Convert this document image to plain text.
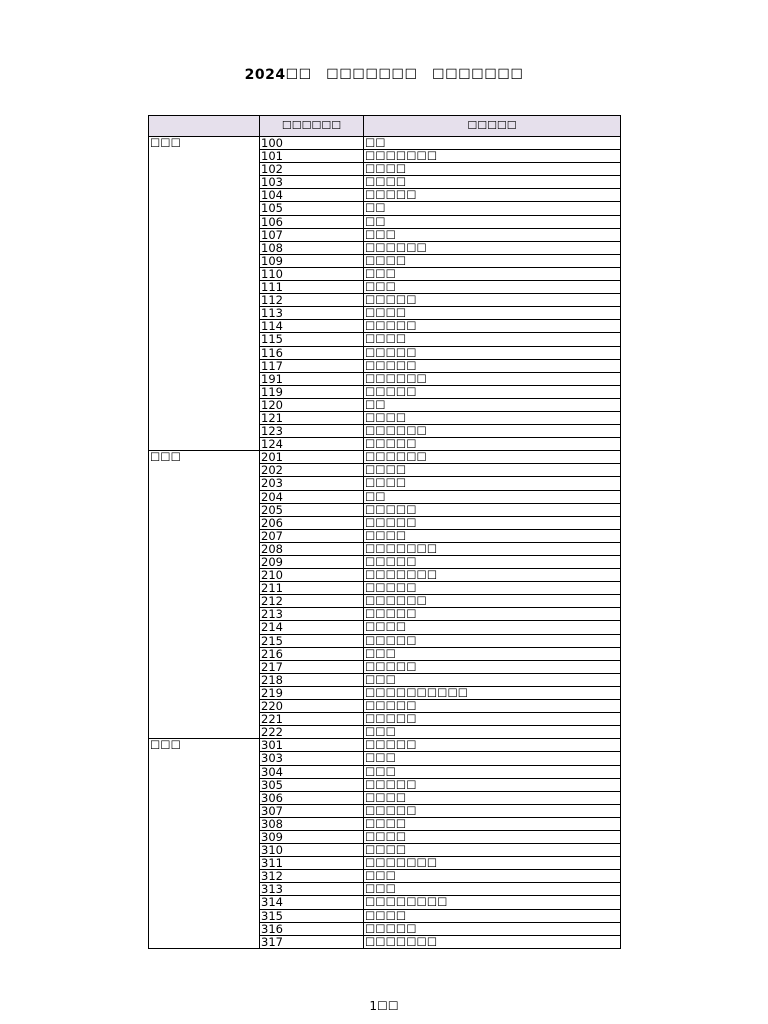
2024☐☐　☐☐☐☐☐☐☐　☐☐☐☐☐☐☐
	☐☐☐☐☐☐	☐☐☐☐☐
☐☐☐	100	☐☐
	101	☐☐☐☐☐☐☐
	102	☐☐☐☐
	103	☐☐☐☐
	104	☐☐☐☐☐
	105	☐☐
	106	☐☐
	107	☐☐☐
	108	☐☐☐☐☐☐
	109	☐☐☐☐
	110	☐☐☐
	111	☐☐☐
	112	☐☐☐☐☐
	113	☐☐☐☐
	114	☐☐☐☐☐
	115	☐☐☐☐
	116	☐☐☐☐☐
	117	☐☐☐☐☐
	191	☐☐☐☐☐☐
	119	☐☐☐☐☐
	120	☐☐
	121	☐☐☐☐
	123	☐☐☐☐☐☐
	124	☐☐☐☐☐
☐☐☐	201	☐☐☐☐☐☐
	202	☐☐☐☐
	203	☐☐☐☐
	204	☐☐
	205	☐☐☐☐☐
	206	☐☐☐☐☐
	207	☐☐☐☐
	208	☐☐☐☐☐☐☐
	209	☐☐☐☐☐
	210	☐☐☐☐☐☐☐
	211	☐☐☐☐☐
	212	☐☐☐☐☐☐
	213	☐☐☐☐☐
	214	☐☐☐☐
	215	☐☐☐☐☐
	216	☐☐☐
	217	☐☐☐☐☐
	218	☐☐☐
	219	☐☐☐☐☐☐☐☐☐☐
	220	☐☐☐☐☐
	221	☐☐☐☐☐
	222	☐☐☐
☐☐☐	301	☐☐☐☐☐
	303	☐☐☐
	304	☐☐☐
	305	☐☐☐☐☐
	306	☐☐☐☐
	307	☐☐☐☐☐
	308	☐☐☐☐
	309	☐☐☐☐
	310	☐☐☐☐
	311	☐☐☐☐☐☐☐
	312	☐☐☐
	313	☐☐☐
	314	☐☐☐☐☐☐☐☐
	315	☐☐☐☐
	316	☐☐☐☐☐
	317	☐☐☐☐☐☐☐
1☐☐
